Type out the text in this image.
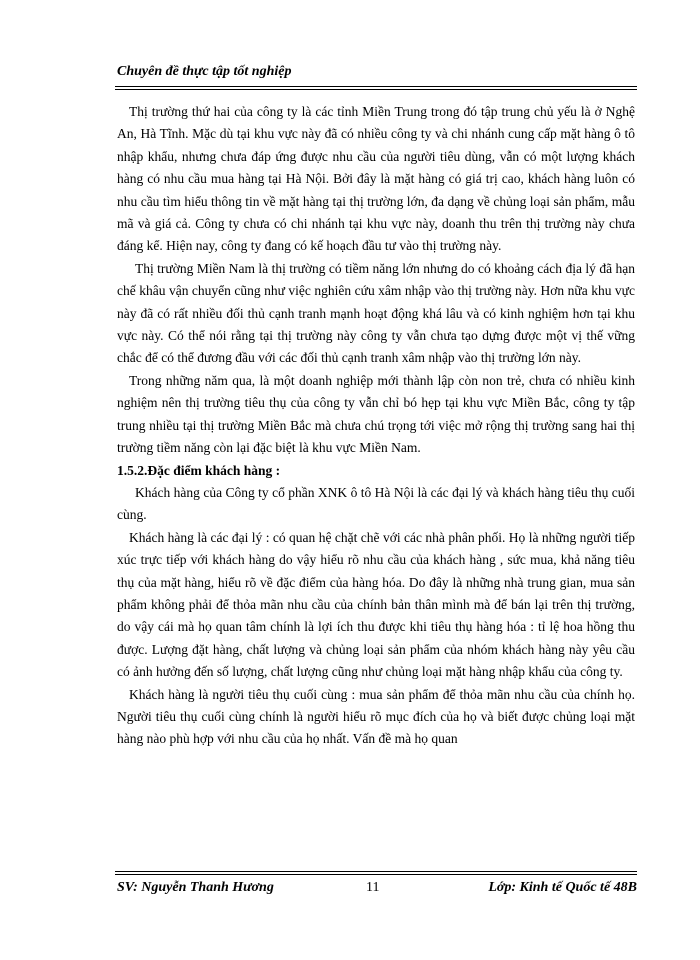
Chuyên đề thực tập tốt nghiệp

Thị trường thứ hai của công ty là các tỉnh Miền Trung trong đó tập trung chủ yếu là ở Nghệ An, Hà Tĩnh. Mặc dù tại khu vực này đã có nhiều công ty và chi nhánh cung cấp mặt hàng ô tô nhập khẩu, nhưng chưa đáp ứng được nhu cầu của người tiêu dùng, vẫn có một lượng khách hàng có nhu cầu mua hàng tại Hà Nội. Bởi đây là mặt hàng có giá trị cao, khách hàng luôn có nhu cầu tìm hiểu thông tin về mặt hàng tại thị trường lớn, đa dạng về chủng loại sản phẩm, mẫu mã và giá cả. Công ty chưa có chi nhánh tại khu vực này, doanh thu trên thị trường này chưa đáng kể. Hiện nay, công ty đang có kế hoạch đầu tư vào thị trường này.

Thị trường Miền Nam là thị trường có tiềm năng lớn nhưng do có khoảng cách địa lý đã hạn chế khâu vận chuyển cũng như việc nghiên cứu xâm nhập vào thị trường này. Hơn nữa khu vực này đã có rất nhiều đối thủ cạnh tranh mạnh hoạt động khá lâu và có kinh nghiệm hơn tại khu vực này. Có thể nói rằng tại thị trường này công ty vẫn chưa tạo dựng được một vị thế vững chắc để có thể đương đầu với các đối thủ cạnh tranh xâm nhập vào thị trường lớn này.

Trong những năm qua, là một doanh nghiệp mới thành lập còn non trẻ, chưa có nhiều kinh nghiệm nên thị trường tiêu thụ của công ty vẫn chỉ bó hẹp tại khu vực Miền Bắc, công ty tập trung nhiều tại thị trường Miền Bắc mà chưa chú trọng tới việc mở rộng thị trường sang hai thị trường tiềm năng còn lại đặc biệt là khu vực Miền Nam.

1.5.2.Đặc điểm khách hàng :

Khách hàng của Công ty cổ phần XNK ô tô Hà Nội là các đại lý và khách hàng tiêu thụ cuối cùng.

Khách hàng là các đại lý : có quan hệ chặt chẽ với các nhà phân phối. Họ là những người tiếp xúc trực tiếp với khách hàng do vậy hiểu rõ nhu cầu của khách hàng , sức mua, khả năng tiêu thụ của mặt hàng, hiểu rõ về đặc điểm của hàng hóa. Do đây là những nhà trung gian, mua sản phẩm không phải để thỏa mãn nhu cầu của chính bản thân mình mà để bán lại trên thị trường, do vậy cái mà họ quan tâm chính là lợi ích thu được khi tiêu thụ hàng hóa : tỉ lệ hoa hồng thu được. Lượng đặt hàng, chất lượng và chủng loại sản phẩm của nhóm khách hàng này yêu cầu có ảnh hưởng đến số lượng, chất lượng cũng như chủng loại mặt hàng nhập khẩu của công ty.

Khách hàng là người tiêu thụ cuối cùng : mua sản phẩm để thỏa mãn nhu cầu của chính họ. Người tiêu thụ cuối cùng chính là người hiểu rõ mục đích của họ và biết được chủng loại mặt hàng nào phù hợp với nhu cầu của họ nhất. Vấn đề mà họ quan

SV: Nguyễn Thanh Hương	11	Lớp: Kinh tế Quốc tế 48B
